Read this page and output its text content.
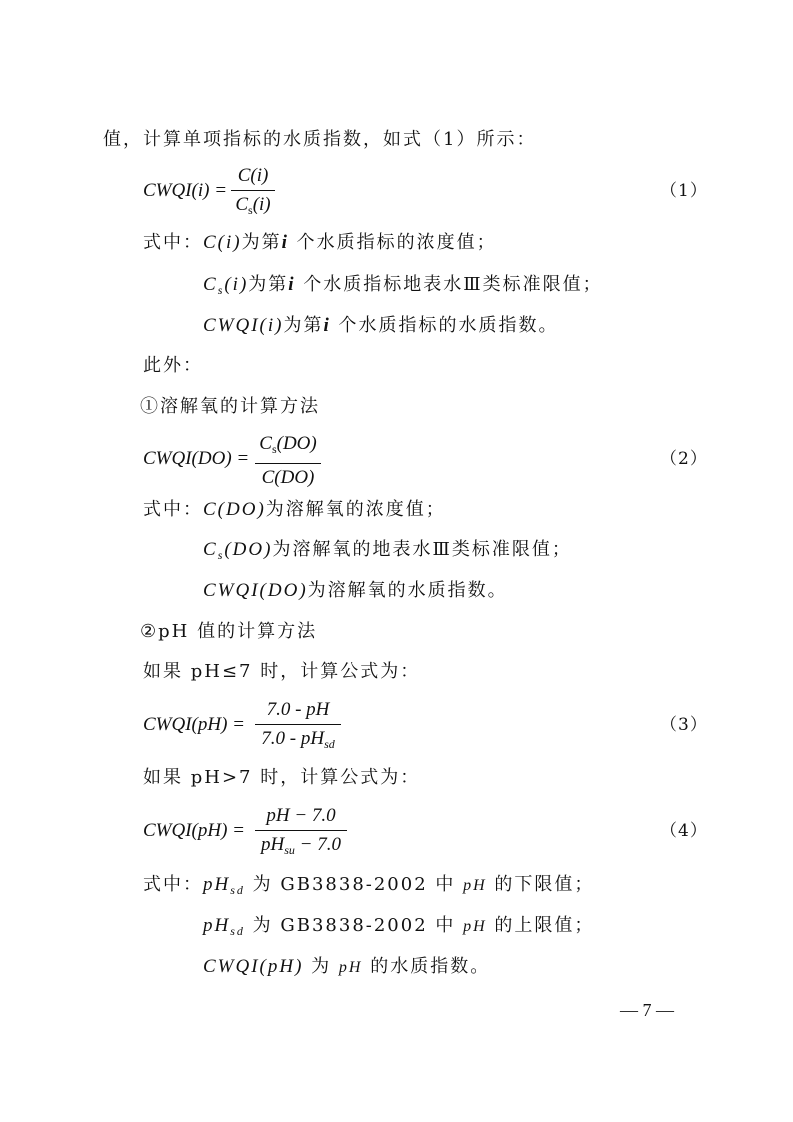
值，计算单项指标的水质指数，如式（1）所示：
CWQI(i) =
C(i)
$C_s(i)$
（1）
式中：C(i)为第i 个水质指标的浓度值；
$C_s(i)$为第i 个水质指标地表水Ⅲ类标准限值；
CWQI(i)为第i 个水质指标的水质指数。
此外：
①溶解氧的计算方法
CWQI(DO) =
$C_s(DO)$
C(DO)
（2）
式中：C(DO)为溶解氧的浓度值；
$C_s(DO)$为溶解氧的地表水Ⅲ类标准限值；
CWQI(DO)为溶解氧的水质指数。
②pH 值的计算方法
如果 pH≤7 时，计算公式为：
CWQI(pH) =
7.0 - pH
$7.0 - pH_{sd}$
（3）
如果 pH>7 时，计算公式为：
CWQI(pH) =
pH − 7.0
$pH_{su} - 7.0$
（4）
式中：$pH_{sd}$ 为 GB3838-2002 中 pH 的下限值；
$pH_{sd}$ 为 GB3838-2002 中 pH 的上限值；
CWQI(pH) 为 pH 的水质指数。
— 7 —
